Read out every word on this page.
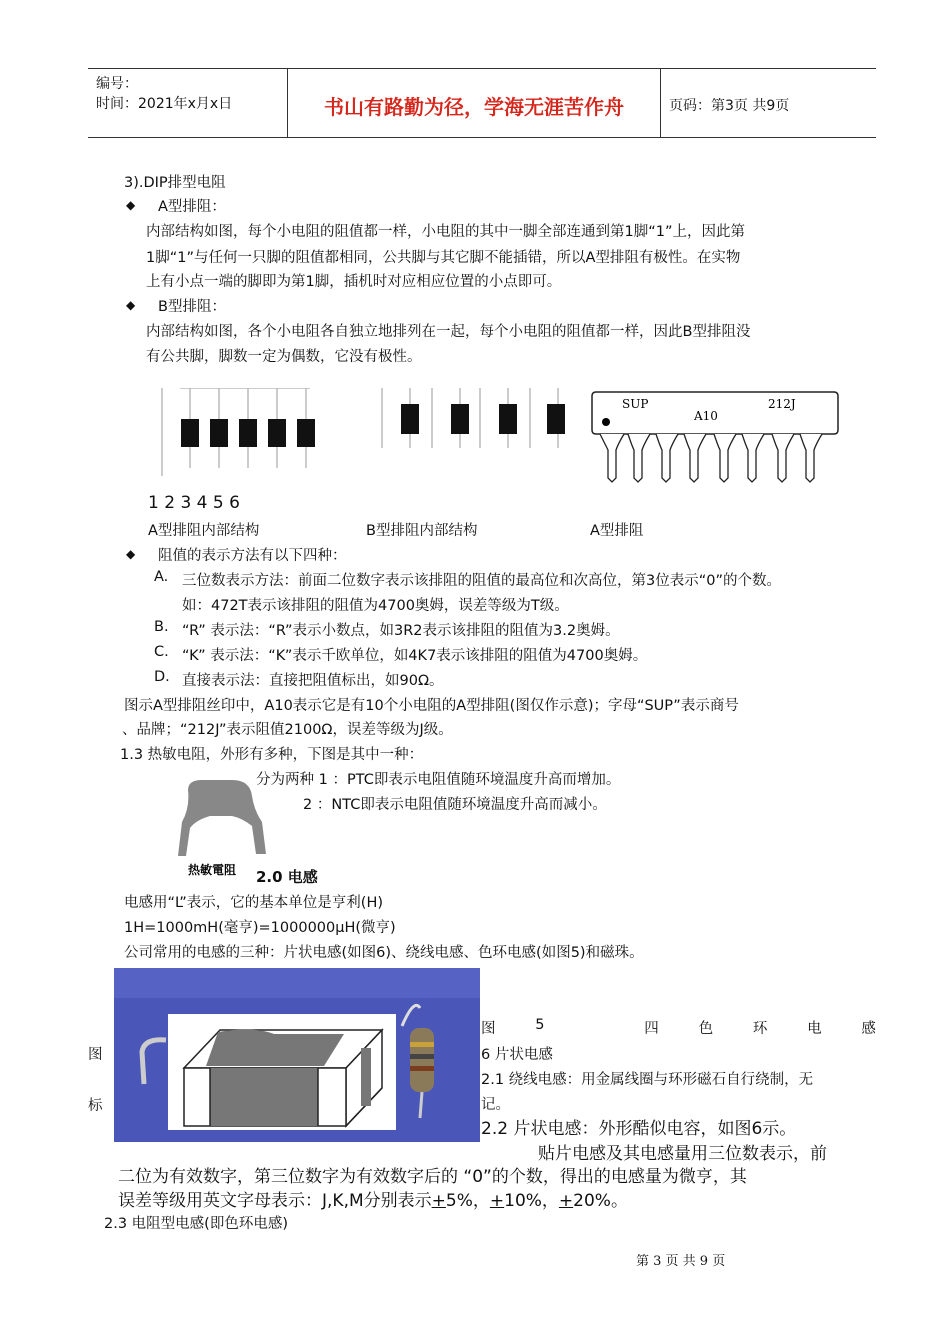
编号：
时间：2021年x月x日	书山有路勤为径，学海无涯苦作舟	页码：第3页 共9页
3).DIP排型电阻
◆ A型排阻：
内部结构如图，每个小电阻的阻值都一样，小电阻的其中一脚全部连通到第1脚“1”上，因此第
1脚“1”与任何一只脚的阻值都相同，公共脚与其它脚不能插错，所以A型排阻有极性。在实物
上有小点一端的脚即为第1脚，插机时对应相应位置的小点即可。
◆ B型排阻：
内部结构如图，各个小电阻各自独立地排列在一起，每个小电阻的阻值都一样，因此B型排阻没
有公共脚，脚数一定为偶数，它没有极性。
SUP
A10
212J
1 2 3 4 5 6
A型排阻内部结构	B型排阻内部结构	A型排阻
◆ 阻值的表示方法有以下四种：
A. 三位数表示方法：前面二位数字表示该排阻的阻值的最高位和次高位，第3位表示“0”的个数。
如：472T表示该排阻的阻值为4700奥姆，误差等级为T级。
B. “R” 表示法：“R”表示小数点，如3R2表示该排阻的阻值为3.2奥姆。
C. “K” 表示法：“K”表示千欧单位，如4K7表示该排阻的阻值为4700奥姆。
D. 直接表示法：直接把阻值标出，如90Ω。
图示A型排阻丝印中，A10表示它是有10个小电阻的A型排阻(图仅作示意)；字母“SUP”表示商号
、品牌；“212J”表示阻值2100Ω，误差等级为J级。
1.3 热敏电阻，外形有多种，下图是其中一种：
热敏電阻
分为两种 1 ：PTC即表示电阻值随环境温度升高而增加。
2 ：NTC即表示电阻值随环境温度升高而减小。
2.0 电感
电感用“L”表示，它的基本单位是亨利(H)
1H=1000mH(毫亨)=1000000μH(微亨)
公司常用的电感的三种：片状电感(如图6)、绕线电感、色环电感(如图5)和磁珠。
图	5	四	色	环	电	感
图	6 片状电感
2.1 绕线电感：用金属线圈与环形磁石自行绕制，无
标	记。
2.2 片状电感：外形酷似电容，如图6示。
贴片电感及其电感量用三位数表示，前
二位为有效数字，第三位数字为有效数字后的 “0”的个数，得出的电感量为微亨，其
误差等级用英文字母表示：J,K,M分别表示+5%，+10%，+20%。
2.3 电阻型电感(即色环电感)
第 3 页 共 9 页
